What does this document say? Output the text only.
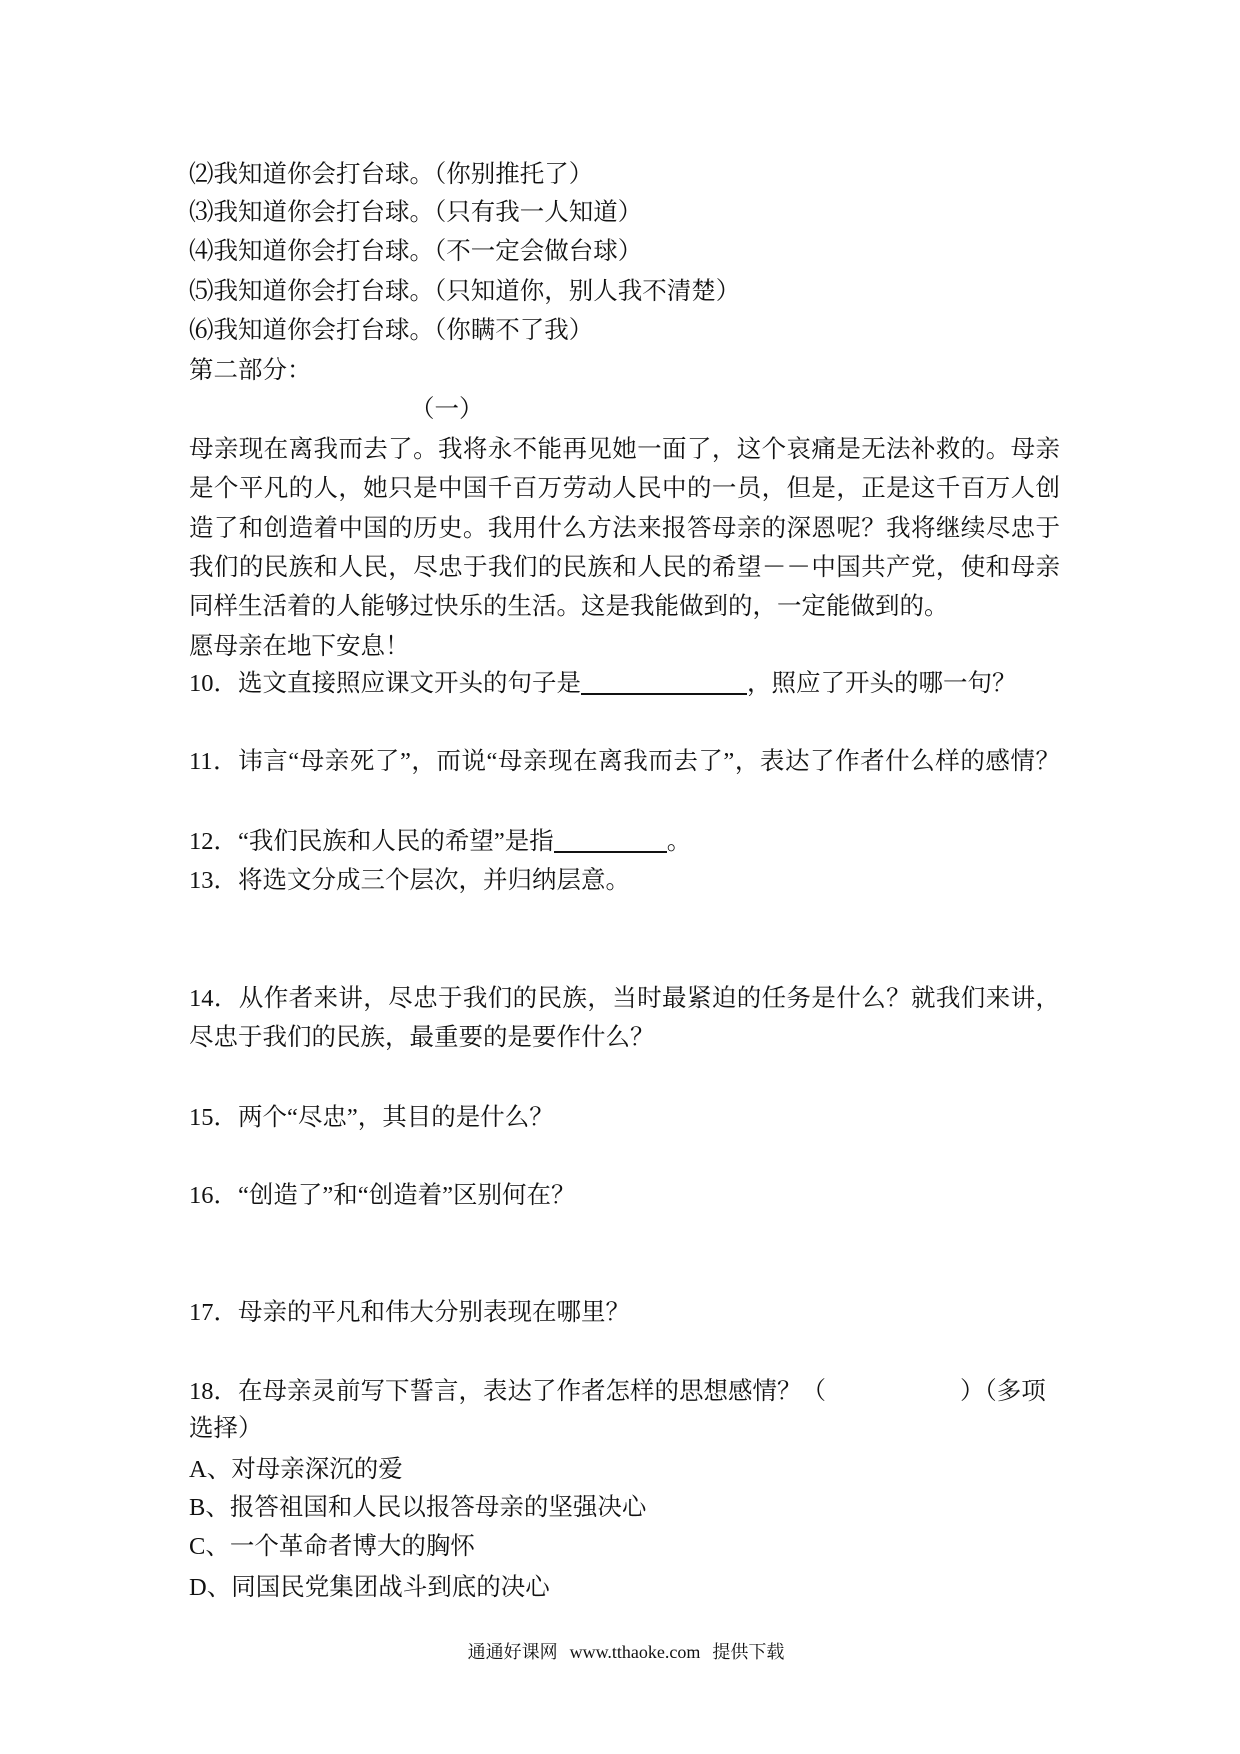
⑵我知道你会打台球。（你别推托了）
⑶我知道你会打台球。（只有我一人知道）
⑷我知道你会打台球。（不一定会做台球）
⑸我知道你会打台球。（只知道你，别人我不清楚）
⑹我知道你会打台球。（你瞒不了我）
第二部分：
（一）
母亲现在离我而去了。我将永不能再见她一面了，这个哀痛是无法补救的。母亲
是个平凡的人，她只是中国千百万劳动人民中的一员，但是，正是这千百万人创
造了和创造着中国的历史。我用什么方法来报答母亲的深恩呢？我将继续尽忠于
我们的民族和人民，尽忠于我们的民族和人民的希望－－中国共产党，使和母亲
同样生活着的人能够过快乐的生活。这是我能做到的，一定能做到的。
愿母亲在地下安息！
10．选文直接照应课文开头的句子是	，照应了开头的哪一句？
11．讳言“母亲死了”，而说“母亲现在离我而去了”，表达了作者什么样的感情？
12．“我们民族和人民的希望”是指	。
13．将选文分成三个层次，并归纳层意。
14．从作者来讲，尽忠于我们的民族，当时最紧迫的任务是什么？就我们来讲，
尽忠于我们的民族，最重要的是要作什么？
15．两个“尽忠”，其目的是什么？
16．“创造了”和“创造着”区别何在？
17．母亲的平凡和伟大分别表现在哪里？
18．在母亲灵前写下誓言，表达了作者怎样的思想感情？（	）（多项
选择）
A、对母亲深沉的爱
B、报答祖国和人民以报答母亲的坚强决心
C、一个革命者博大的胸怀
D、同国民党集团战斗到底的决心
通通好课网 www.tthaoke.com 提供下载
